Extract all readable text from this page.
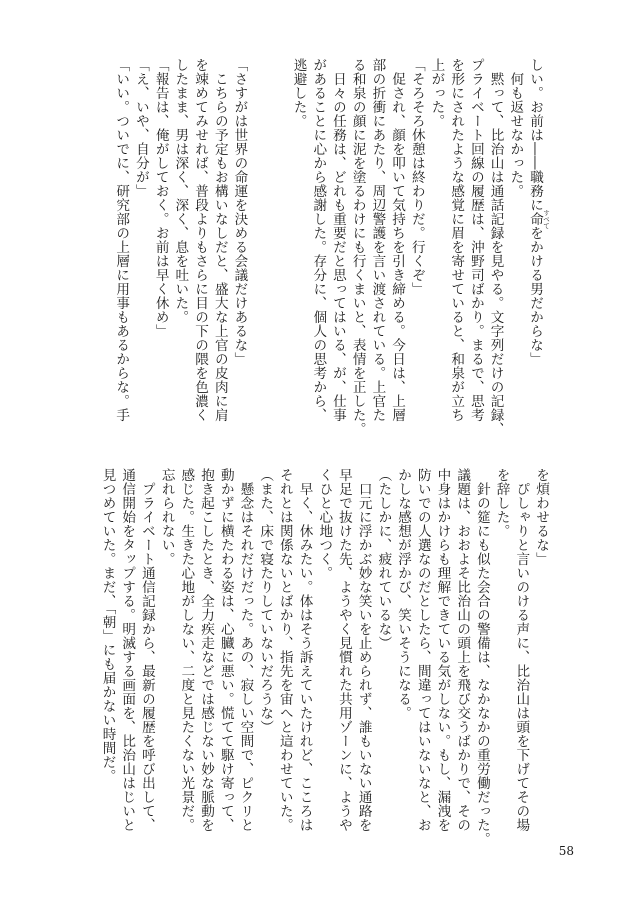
しい。お前は――職務に命 すべてをかける男だからな」
　何も返せなかった。
　黙って、比治山は通話記録を見やる。文字列だけの記録、
プライベート回線の履歴は、沖野司ばかり。まるで、思考
を形にされたような感覚に眉を寄せていると、和泉が立ち
上がった。
「そろそろ休憩は終わりだ。行くぞ」
　促され、顔を叩いて気持ちを引き締める。今日は、上層
部の折衝にあたり、周辺警護を言い渡されている。上官た
る和泉の顔に泥を塗るわけにも行くまいと、表情を正した。
　日々の任務は、どれも重要だと思ってはいる、が、仕事
があることに心から感謝した。存分に、個人の思考から、
逃避した。

「さすがは世界の命運を決める会議だけあるな」
　こちらの予定もお構いなしだと、盛大な上官の皮肉に肩
を竦めてみせれば、普段よりもさらに目の下の隈を色濃く
したまま、男は深く、深く、息を吐いた。
「報告は、俺がしておく。お前は早く休め」
「え、いや、自分が」
「いい。ついでに、研究部の上層に用事もあるからな。手
を煩わせるな」
　ぴしゃりと言いのける声に、比治山は頭を下げてその場
を辞した。
　針の筵にも似た会合の警備は、なかなかの重労働だった。
議題は、おおよそ比治山の頭上を飛び交うばかりで、その
中身はかけらも理解できている気がしない。もし、漏洩を
防いでの人選なのだとしたら、間違ってはいないなと、お
かしな感想が浮かび、笑いそうになる。
（たしかに、疲れているな）
　口元に浮かぶ妙な笑いを止められず、誰もいない通路を
早足で抜けた先、ようやく見慣れた共用ゾーンに、ようや
くひと心地つく。
　早く、休みたい。体はそう訴えていたけれど、こころは
それとは関係ないとばかり、指先を宙へと這わせていた。
（また、床で寝たりしていないだろうな）
　懸念はそれだけだった。あの、寂しい空間で、ピクリと
動かずに横たわる姿は、心臓に悪い。慌てて駆け寄って、
抱き起こしたとき、全力疾走などでは感じない妙な脈動を
感じた。生きた心地がしない、二度と見たくない光景だ。
忘れられない。
　プライベート通信記録から、最新の履歴を呼び出して、
通信開始をタップする。明滅する画面を、比治山はじいと
見つめていた。まだ、「朝」にも届かない時間だ。
58
